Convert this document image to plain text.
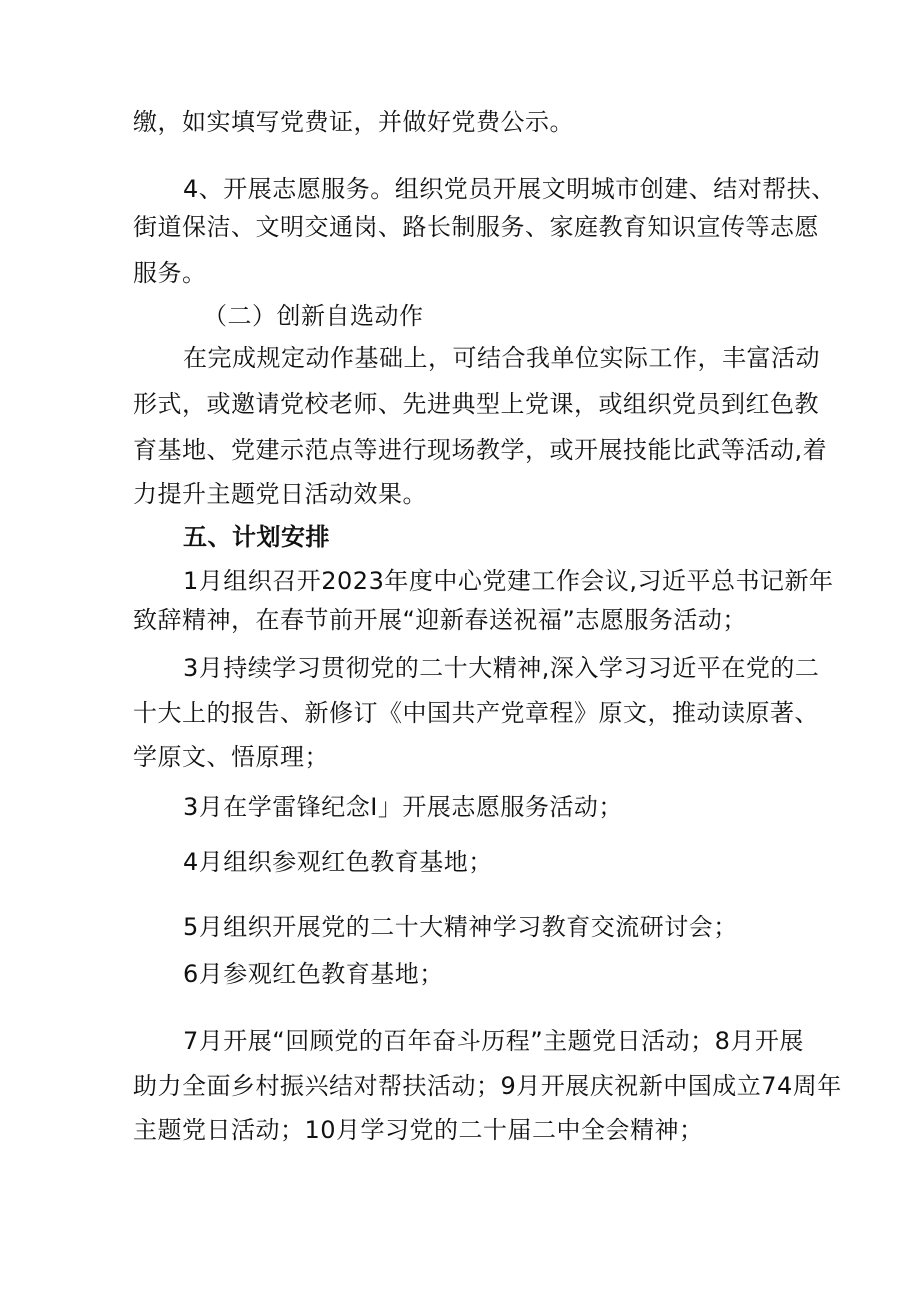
缴，如实填写党费证，并做好党费公示。
4、开展志愿服务。组织党员开展文明城市创建、结对帮扶、
街道保洁、文明交通岗、路长制服务、家庭教育知识宣传等志愿
服务。
（二）创新自选动作
在完成规定动作基础上，可结合我单位实际工作，丰富活动
形式，或邀请党校老师、先进典型上党课，或组织党员到红色教
育基地、党建示范点等进行现场教学，或开展技能比武等活动,着
力提升主题党日活动效果。
五、计划安排
1月组织召开2023年度中心党建工作会议,习近平总书记新年
致辞精神，在春节前开展“迎新春送祝福”志愿服务活动；
3月持续学习贯彻党的二十大精神,深入学习习近平在党的二
十大上的报告、新修订《中国共产党章程》原文，推动读原著、
学原文、悟原理；
3月在学雷锋纪念I」开展志愿服务活动；
4月组织参观红色教育基地；
5月组织开展党的二十大精神学习教育交流研讨会；
6月参观红色教育基地；
7月开展“回顾党的百年奋斗历程”主题党日活动；8月开展
助力全面乡村振兴结对帮扶活动；9月开展庆祝新中国成立74周年
主题党日活动；10月学习党的二十届二中全会精神；
